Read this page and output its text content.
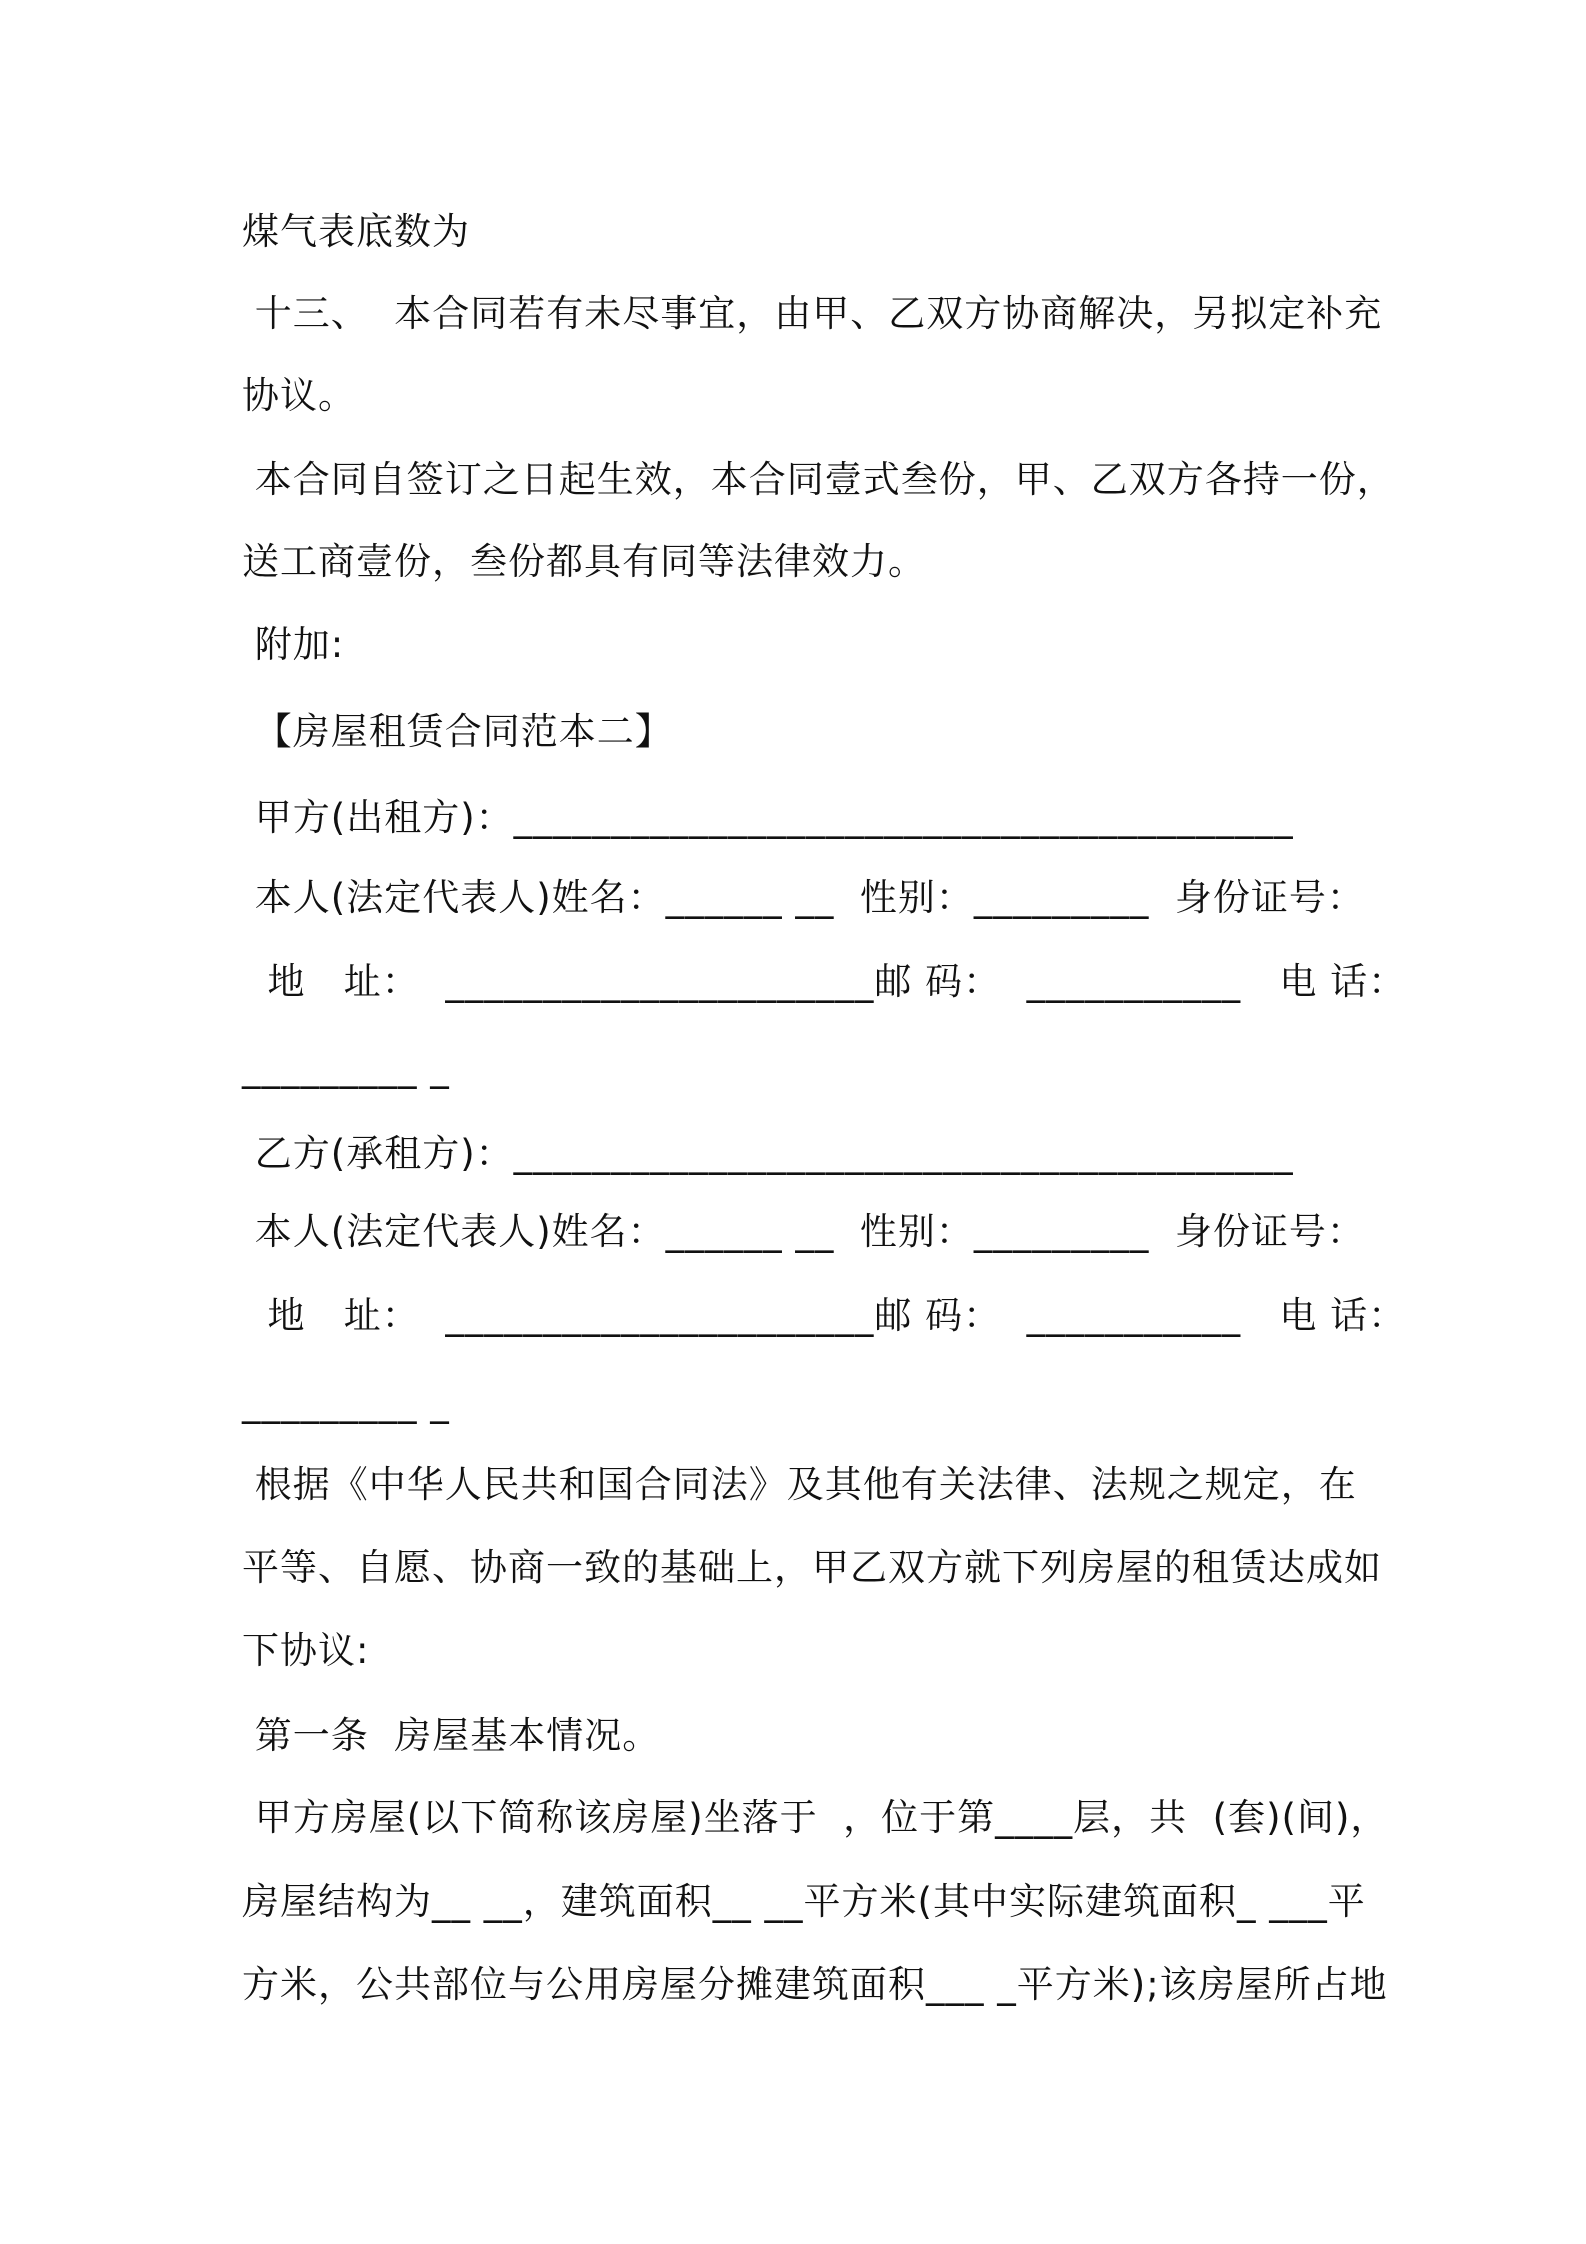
煤气表底数为
十三、  本合同若有未尽事宜，由甲、乙双方协商解决，另拟定补充
协议。
本合同自签订之日起生效，本合同壹式叁份，甲、乙双方各持一份，
送工商壹份，叁份都具有同等法律效力。
附加:
【房屋租赁合同范本二】
甲方(出租方)：________________________________________
本人(法定代表人)姓名：______ __  性别：_________  身份证号：
地   址：  ______________________邮 码：  ___________   电 话：
_________ _
乙方(承租方)：________________________________________
本人(法定代表人)姓名：______ __  性别：_________  身份证号：
地   址：  ______________________邮 码：  ___________   电 话：
_________ _
根据《中华人民共和国合同法》及其他有关法律、法规之规定，在
平等、自愿、协商一致的基础上，甲乙双方就下列房屋的租赁达成如
下协议:
第一条  房屋基本情况。
甲方房屋(以下简称该房屋)坐落于  ，位于第____层，共  (套)(间)，
房屋结构为__ __，建筑面积__ __平方米(其中实际建筑面积_ ___平
方米，公共部位与公用房屋分摊建筑面积___ _平方米);该房屋所占地
